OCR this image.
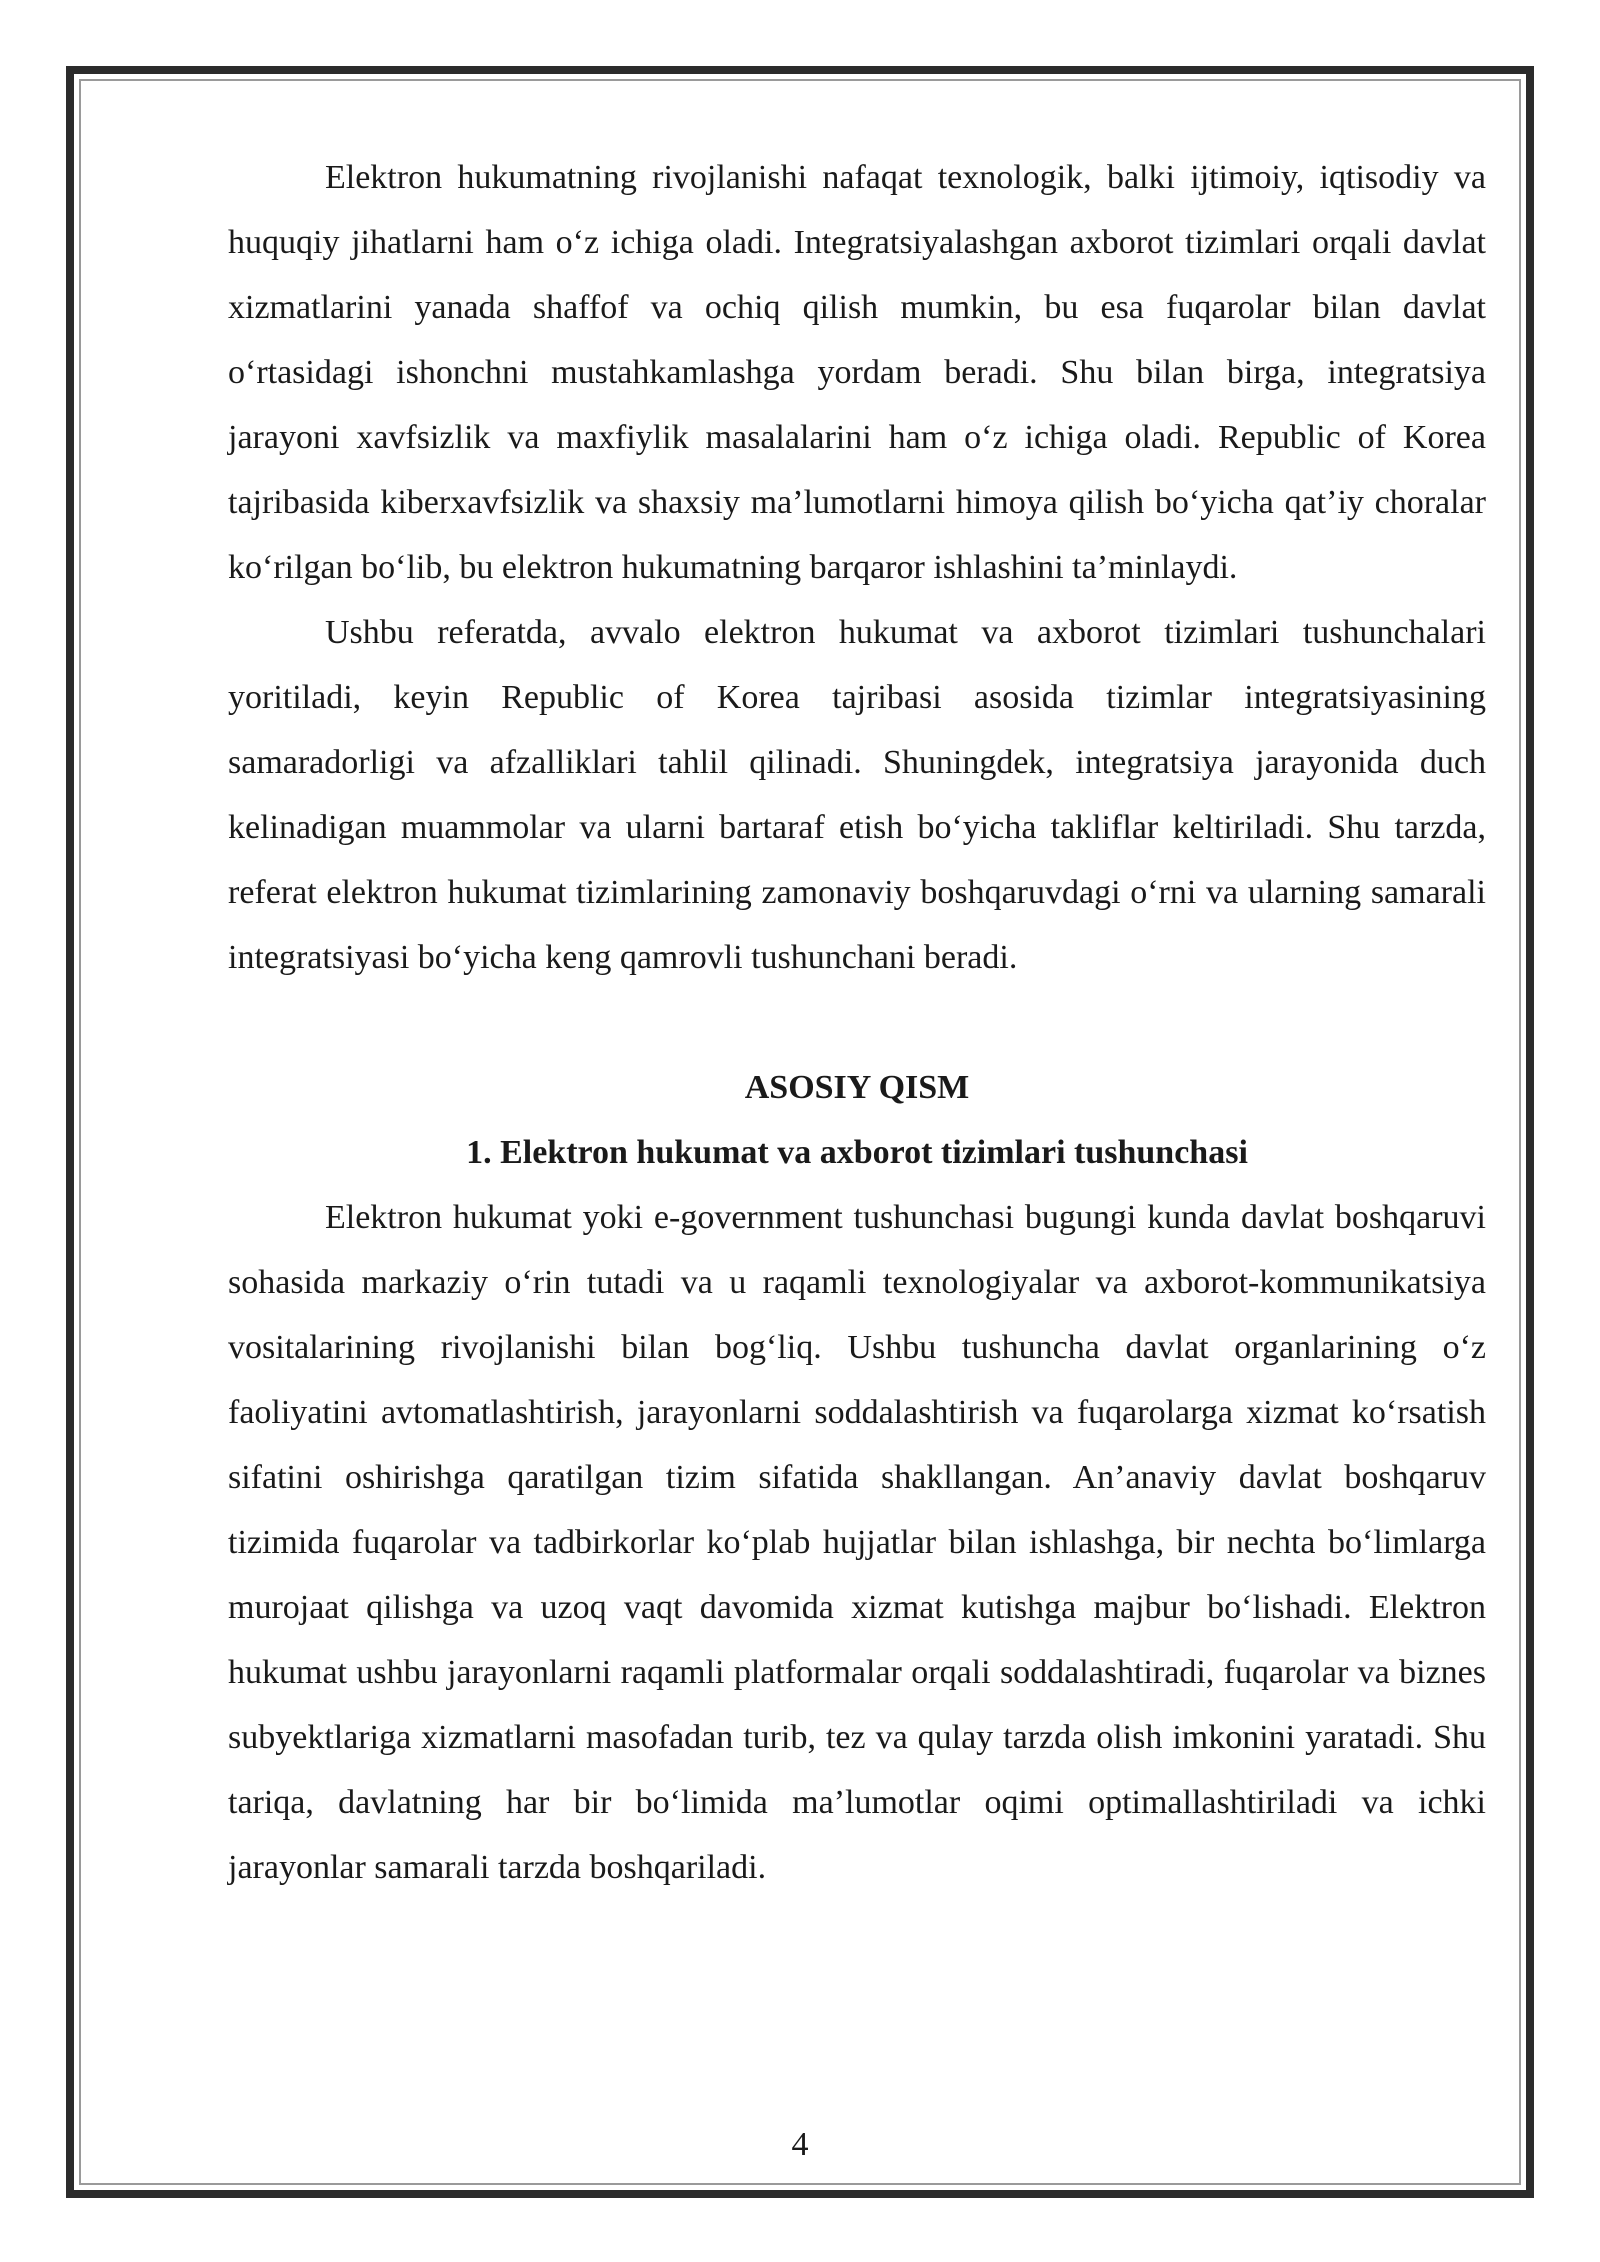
Elektron hukumatning rivojlanishi nafaqat texnologik, balki ijtimoiy, iqtisodiy va huquqiy jihatlarni ham o‘z ichiga oladi. Integratsiyalashgan axborot tizimlari orqali davlat xizmatlarini yanada shaffof va ochiq qilish mumkin, bu esa fuqarolar bilan davlat o‘rtasidagi ishonchni mustahkamlashga yordam beradi. Shu bilan birga, integratsiya jarayoni xavfsizlik va maxfiylik masalalarini ham o‘z ichiga oladi. Republic of Korea tajribasida kiberxavfsizlik va shaxsiy ma’lumotlarni himoya qilish bo‘yicha qat’iy choralar ko‘rilgan bo‘lib, bu elektron hukumatning barqaror ishlashini ta’minlaydi.

Ushbu referatda, avvalo elektron hukumat va axborot tizimlari tushunchalari yoritiladi, keyin Republic of Korea tajribasi asosida tizimlar integratsiyasining samaradorligi va afzalliklari tahlil qilinadi. Shuningdek, integratsiya jarayonida duch kelinadigan muammolar va ularni bartaraf etish bo‘yicha takliflar keltiriladi. Shu tarzda, referat elektron hukumat tizimlarining zamonaviy boshqaruvdagi o‘rni va ularning samarali integratsiyasi bo‘yicha keng qamrovli tushunchani beradi.

ASOSIY QISM
1. Elektron hukumat va axborot tizimlari tushunchasi

Elektron hukumat yoki e-government tushunchasi bugungi kunda davlat boshqaruvi sohasida markaziy o‘rin tutadi va u raqamli texnologiyalar va axborot-kommunikatsiya vositalarining rivojlanishi bilan bog‘liq. Ushbu tushuncha davlat organlarining o‘z faoliyatini avtomatlashtirish, jarayonlarni soddalashtirish va fuqarolarga xizmat ko‘rsatish sifatini oshirishga qaratilgan tizim sifatida shakllangan. An’anaviy davlat boshqaruv tizimida fuqarolar va tadbirkorlar ko‘plab hujjatlar bilan ishlashga, bir nechta bo‘limlarga murojaat qilishga va uzoq vaqt davomida xizmat kutishga majbur bo‘lishadi. Elektron hukumat ushbu jarayonlarni raqamli platformalar orqali soddalashtiradi, fuqarolar va biznes subyektlariga xizmatlarni masofadan turib, tez va qulay tarzda olish imkonini yaratadi. Shu tariqa, davlatning har bir bo‘limida ma’lumotlar oqimi optimallashtiriladi va ichki jarayonlar samarali tarzda boshqariladi.

4
